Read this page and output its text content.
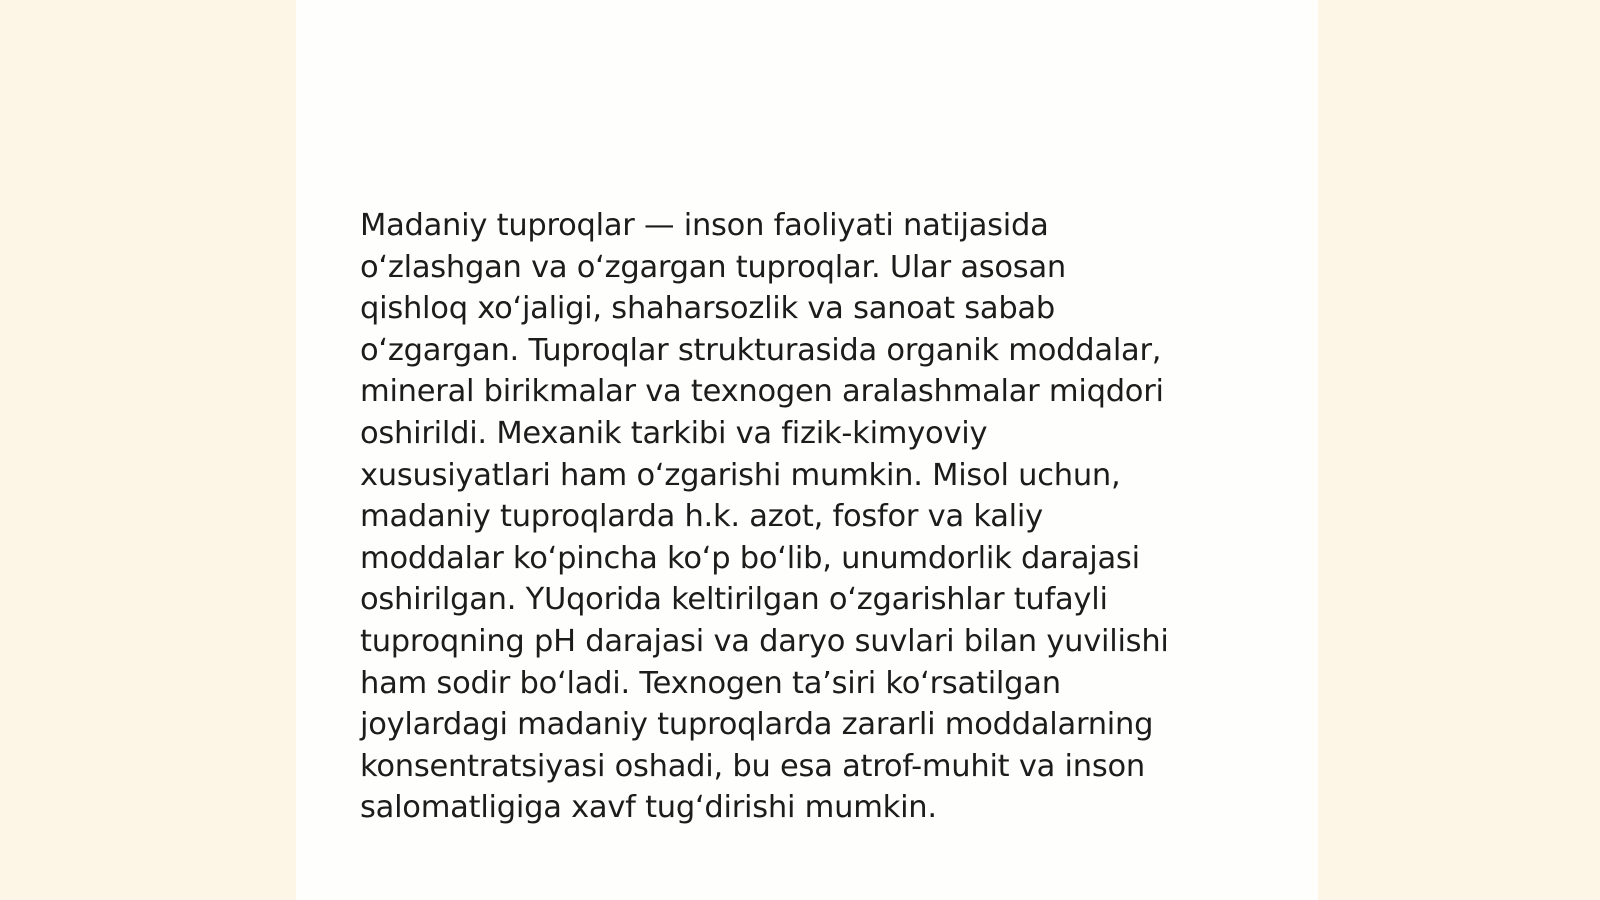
Madaniy tuproqlar — inson faoliyati natijasida
o‘zlashgan va o‘zgargan tuproqlar. Ular asosan
qishloq xo‘jaligi, shaharsozlik va sanoat sabab
o‘zgargan. Tuproqlar strukturasida organik moddalar,
mineral birikmalar va texnogen aralashmalar miqdori
oshirildi. Mexanik tarkibi va fizik-kimyoviy
xususiyatlari ham o‘zgarishi mumkin. Misol uchun,
madaniy tuproqlarda h.k. azot, fosfor va kaliy
moddalar ko‘pincha ko‘p bo‘lib, unumdorlik darajasi
oshirilgan. YUqorida keltirilgan o‘zgarishlar tufayli
tuproqning pH darajasi va daryo suvlari bilan yuvilishi
ham sodir bo‘ladi. Texnogen ta’siri ko‘rsatilgan
joylardagi madaniy tuproqlarda zararli moddalarning
konsentratsiyasi oshadi, bu esa atrof-muhit va inson
salomatligiga xavf tug‘dirishi mumkin.
